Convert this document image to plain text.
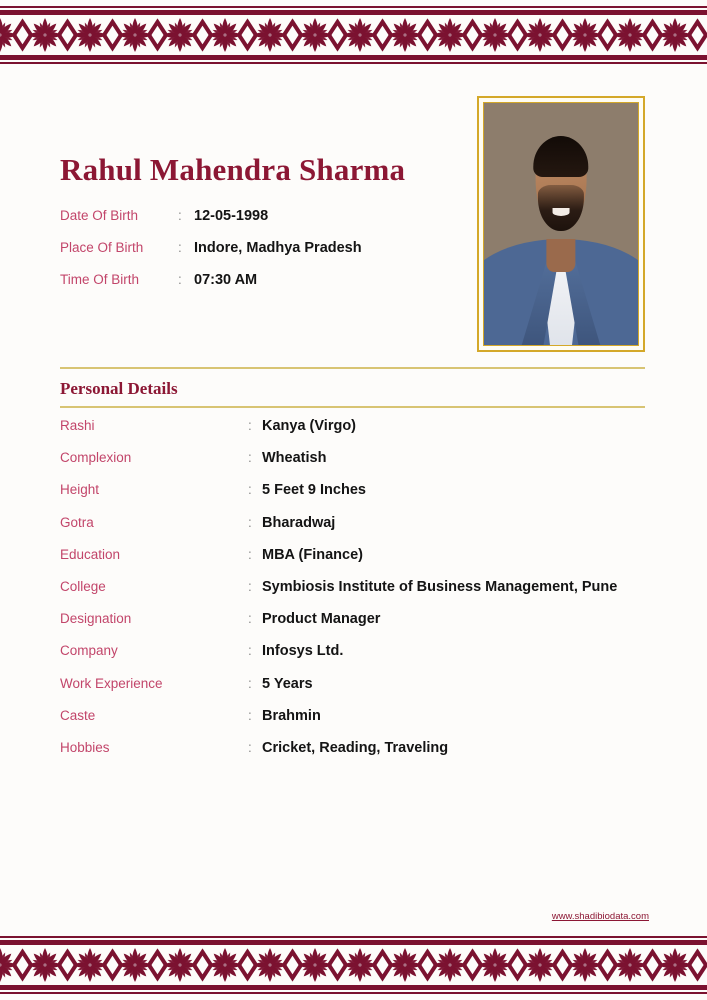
Rahul Mahendra Sharma
Date Of Birth	: 12-05-1998
Place Of Birth	: Indore, Madhya Pradesh
Time Of Birth	: 07:30 AM
Personal Details
Rashi	: Kanya (Virgo)
Complexion	: Wheatish
Height	: 5 Feet 9 Inches
Gotra	: Bharadwaj
Education	: MBA (Finance)
College	: Symbiosis Institute of Business Management, Pune
Designation	: Product Manager
Company	: Infosys Ltd.
Work Experience	: 5 Years
Caste	: Brahmin
Hobbies	: Cricket, Reading, Traveling
www.shadibiodata.com
